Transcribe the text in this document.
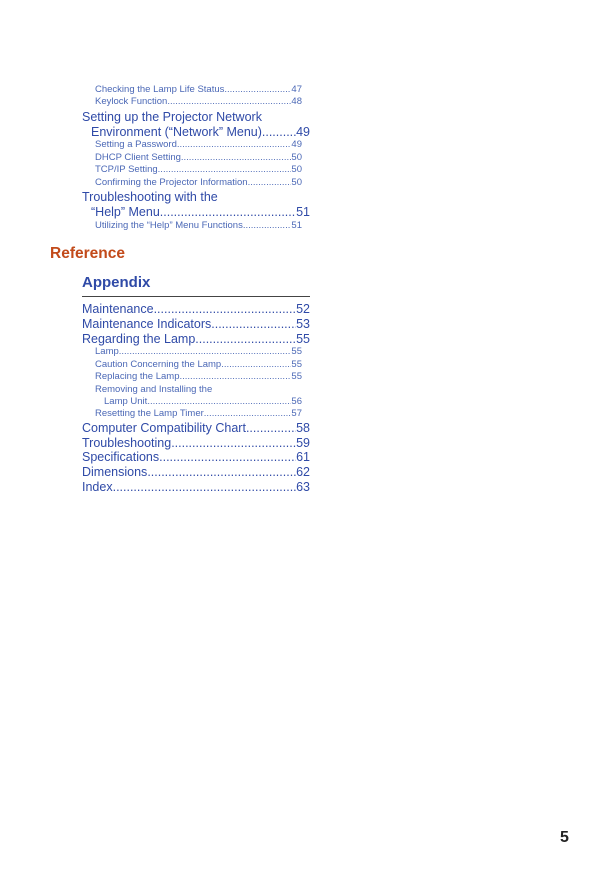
Checking the Lamp Life Status .....	47
Keylock Function .....	48
Setting up the Projector Network
Environment (“Network” Menu) .....	49
Setting a Password .....	49
DHCP Client Setting .....	50
TCP/IP Setting .....	50
Confirming the Projector Information .....	50
Troubleshooting with the
“Help” Menu .....	51
Utilizing the “Help” Menu Functions .....	51
Reference
Appendix
Maintenance .....	52
Maintenance Indicators .....	53
Regarding the Lamp .....	55
Lamp .....	55
Caution Concerning the Lamp .....	55
Replacing the Lamp .....	55
Removing and Installing the
Lamp Unit .....	56
Resetting the Lamp Timer .....	57
Computer Compatibility Chart .....	58
Troubleshooting .....	59
Specifications .....	61
Dimensions .....	62
Index .....	63
5
